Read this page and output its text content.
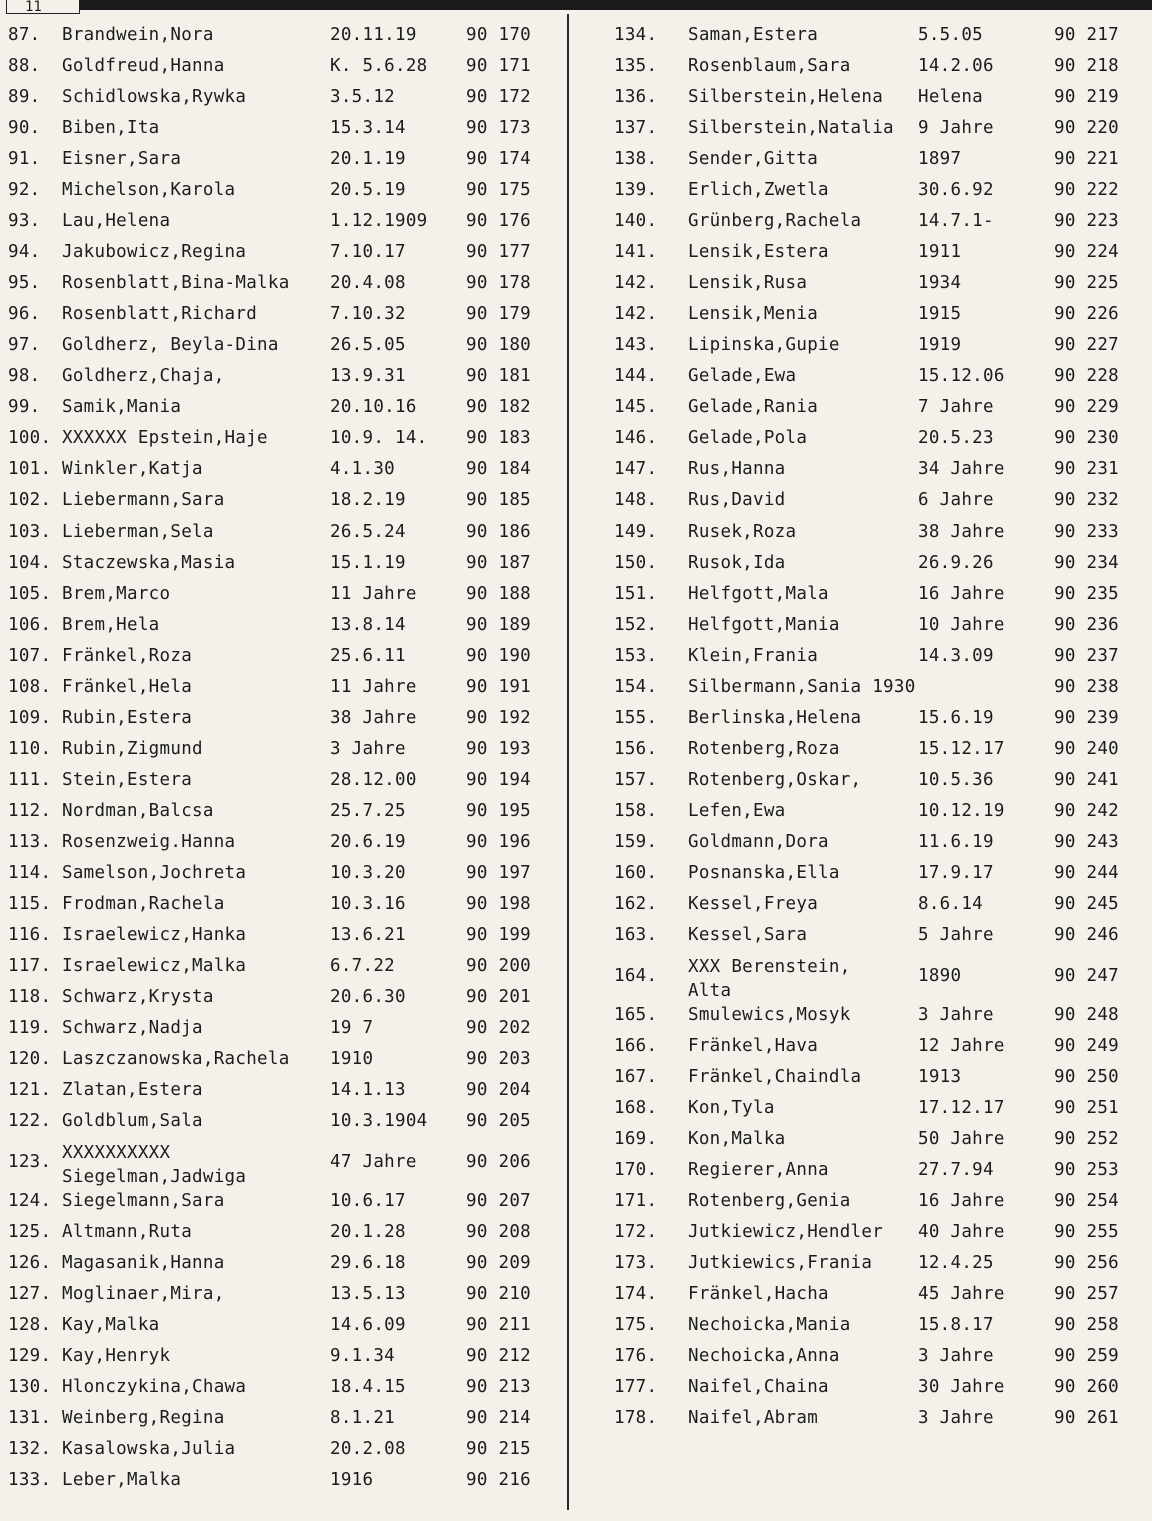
11
87. Brandwein,Nora	20.11.19	90 170
88. Goldfreud,Hanna	K. 5.6.28 90 171
89. Schidlowska,Rywka	3.5.12	90 172
90. Biben,Ita	15.3.14	90 173
91. Eisner,Sara	20.1.19	90 174
92. Michelson,Karola	20.5.19	90 175
93. Lau,Helena	1.12.1909 90 176
94. Jakubowicz,Regina	7.10.17	90 177
95. Rosenblatt,Bina-Malka	20.4.08	90 178
96. Rosenblatt,Richard	7.10.32	90 179
97. Goldherz, Beyla-Dina	26.5.05	90 180
98. Goldherz,Chaja,	13.9.31	90 181
99. Samik,Mania	20.10.16	90 182
100. XXXXXX Epstein,Haje	10.9. 14. 90 183
101. Winkler,Katja	4.1.30	90 184
102. Liebermann,Sara	18.2.19	90 185
103. Lieberman,Sela	26.5.24	90 186
104. Staczewska,Masia	15.1.19	90 187
105. Brem,Marco	11 Jahre	90 188
106. Brem,Hela	13.8.14	90 189
107. Fränkel,Roza	25.6.11	90 190
108. Fränkel,Hela	11 Jahre	90 191
109. Rubin,Estera	38 Jahre	90 192
110. Rubin,Zigmund	3 Jahre	90 193
111. Stein,Estera	28.12.00	90 194
112. Nordman,Balcsa	25.7.25	90 195
113. Rosenzweig.Hanna	20.6.19	90 196
114. Samelson,Jochreta	10.3.20	90 197
115. Frodman,Rachela	10.3.16	90 198
116. Israelewicz,Hanka	13.6.21	90 199
117. Israelewicz,Malka	6.7.22	90 200
118. Schwarz,Krysta	20.6.30	90 201
119. Schwarz,Nadja	19 7	90 202
120. Laszczanowska,Rachela	1910	90 203
121. Zlatan,Estera	14.1.13	90 204
122. Goldblum,Sala	10.3.1904 90 205
123. XXXXXXXXXX
Siegelman,Jadwiga
47 Jahre	90 206
124. Siegelmann,Sara	10.6.17	90 207
125. Altmann,Ruta	20.1.28	90 208
126. Magasanik,Hanna	29.6.18	90 209
127. Moglinaer,Mira,	13.5.13	90 210
128. Kay,Malka	14.6.09	90 211
129. Kay,Henryk	9.1.34	90 212
130. Hlonczykina,Chawa	18.4.15	90 213
131. Weinberg,Regina	8.1.21	90 214
132. Kasalowska,Julia	20.2.08	90 215
133. Leber,Malka	1916	90 216
134. Saman,Estera	5.5.05	90 217
135. Rosenblaum,Sara	14.2.06	90 218
136. Silberstein,Helena	Helena	90 219
137. Silberstein,Natalia	9 Jahre	90 220
138. Sender,Gitta	1897	90 221
139. Erlich,Zwetla	30.6.92	90 222
140. Grünberg,Rachela	14.7.1-	90 223
141. Lensik,Estera	1911	90 224
142. Lensik,Rusa	1934	90 225
142. Lensik,Menia	1915	90 226
143. Lipinska,Gupie	1919	90 227
144. Gelade,Ewa	15.12.06	90 228
145. Gelade,Rania	7 Jahre	90 229
146. Gelade,Pola	20.5.23	90 230
147. Rus,Hanna	34 Jahre	90 231
148. Rus,David	6 Jahre	90 232
149. Rusek,Roza	38 Jahre	90 233
150. Rusok,Ida	26.9.26	90 234
151. Helfgott,Mala	16 Jahre	90 235
152. Helfgott,Mania	10 Jahre	90 236
153. Klein,Frania	14.3.09	90 237
154. Silbermann,Sania 1930	90 238
155. Berlinska,Helena	15.6.19	90 239
156. Rotenberg,Roza	15.12.17	90 240
157. Rotenberg,Oskar,	10.5.36	90 241
158. Lefen,Ewa	10.12.19	90 242
159. Goldmann,Dora	11.6.19	90 243
160. Posnanska,Ella	17.9.17	90 244
162. Kessel,Freya	8.6.14	90 245
163. Kessel,Sara	5 Jahre	90 246
164. XXX Berenstein,
Alta
1890	90 247
165. Smulewics,Mosyk	3 Jahre	90 248
166. Fränkel,Hava	12 Jahre	90 249
167. Fränkel,Chaindla	1913	90 250
168. Kon,Tyla	17.12.17	90 251
169. Kon,Malka	50 Jahre	90 252
170. Regierer,Anna	27.7.94	90 253
171. Rotenberg,Genia	16 Jahre	90 254
172. Jutkiewicz,Hendler	40 Jahre	90 255
173. Jutkiewics,Frania	12.4.25	90 256
174. Fränkel,Hacha	45 Jahre	90 257
175. Nechoicka,Mania	15.8.17	90 258
176. Nechoicka,Anna	3 Jahre	90 259
177. Naifel,Chaina	30 Jahre	90 260
178. Naifel,Abram	3 Jahre	90 261
